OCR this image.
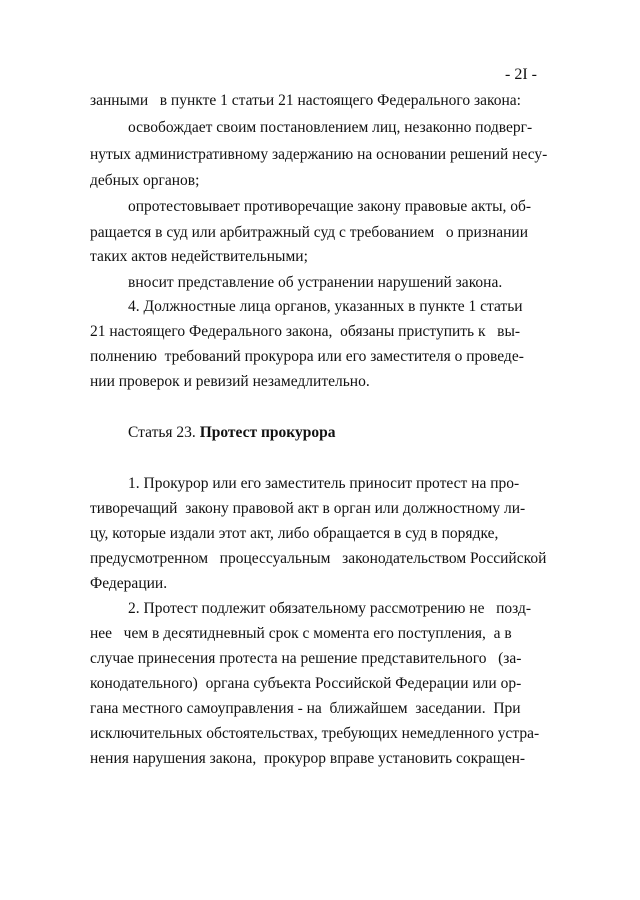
- 2I -
занными   в пункте 1 статьи 21 настоящего Федерального закона:
освобождает своим постановлением лиц, незаконно подверг-
нутых административному задержанию на основании решений несу-
дебных органов;
опротестовывает противоречащие закону правовые акты, об-
ращается в суд или арбитражный суд с требованием   о признании
таких актов недействительными;
вносит представление об устранении нарушений закона.
4. Должностные лица органов, указанных в пункте 1 статьи
21 настоящего Федерального закона,  обязаны приступить к   вы-
полнению  требований прокурора или его заместителя о проведе-
нии проверок и ревизий незамедлительно.
Статья 23. Протест прокурора
1. Прокурор или его заместитель приносит протест на про-
тиворечащий  закону правовой акт в орган или должностному ли-
цу, которые издали этот акт, либо обращается в суд в порядке,
предусмотренном   процессуальным   законодательством Российской
Федерации.
2. Протест подлежит обязательному рассмотрению не   позд-
нее   чем в десятидневный срок с момента его поступления,  а в
случае принесения протеста на решение представительного   (за-
конодательного)  органа субъекта Российской Федерации или ор-
гана местного самоуправления - на  ближайшем  заседании.  При
исключительных обстоятельствах, требующих немедленного устра-
нения нарушения закона,  прокурор вправе установить сокращен-
